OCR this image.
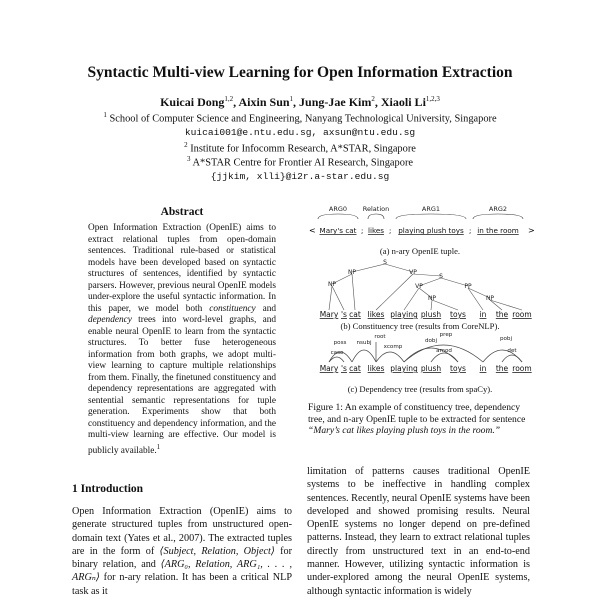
Syntactic Multi-view Learning for Open Information Extraction
Kuicai Dong$^{1,2}$, Aixin Sun$^1$, Jung-Jae Kim$^2$, Xiaoli Li$^{1,2,3}$
$^1$ School of Computer Science and Engineering, Nanyang Technological University, Singapore
kuicai001@e.ntu.edu.sg, axsun@ntu.edu.sg
$^2$ Institute for Infocomm Research, A*STAR, Singapore
$^3$ A*STAR Centre for Frontier AI Research, Singapore
{jjkim, xlli}@i2r.a-star.edu.sg
Abstract
Open Information Extraction (OpenIE) aims to extract relational tuples from open-domain sentences. Traditional rule-based or statistical models have been developed based on syntactic structures of sentences, identified by syntactic parsers. However, previous neural OpenIE models under-explore the useful syntactic information. In this paper, we model both constituency and dependency trees into word-level graphs, and enable neural OpenIE to learn from the syntactic structures. To better fuse heterogeneous information from both graphs, we adopt multi-view learning to capture multiple relationships from them. Finally, the finetuned constituency and dependency representations are aggregated with sentential semantic representations for tuple generation. Experiments show that both constituency and dependency information, and the multi-view learning are effective. Our model is publicly available.$^1$
1 Introduction
Open Information Extraction (OpenIE) aims to generate structured tuples from unstructured open-domain text (Yates et al., 2007). The extracted tuples are in the form of ⟨Subject, Relation, Object⟩ for binary relation, and ⟨ARG₀, Relation, ARG₁, . . . , ARGₙ⟩ for n-ary relation. It has been a critical NLP task as it
ARG0 Relation	ARG1	ARG2
<	>
Mary's cat likes playing plush toys in the room
;	;	;
(a) n-ary OpenIE tuple.
S
NP	VP
S
NP	VP
NP
PP
NP
Mary 's cat likes playing plush toys in the room
(b) Constituency tree (results from CoreNLP).
poss
case
nsubj
root
xcomp
dobj
amod
prep
pobj
det
Mary 's cat likes playing plush toys in the room
(c) Dependency tree (results from spaCy).
Figure 1: An example of constituency tree, dependency tree, and n-ary OpenIE tuple to be extracted for sentence “Mary’s cat likes playing plush toys in the room.”
limitation of patterns causes traditional OpenIE systems to be ineffective in handling complex sentences. Recently, neural OpenIE systems have been developed and showed promising results. Neural OpenIE systems no longer depend on pre-defined patterns. Instead, they learn to extract relational tuples directly from unstructured text in an end-to-end manner. However, utilizing syntactic information is under-explored among the neural OpenIE systems, although syntactic information is widely
